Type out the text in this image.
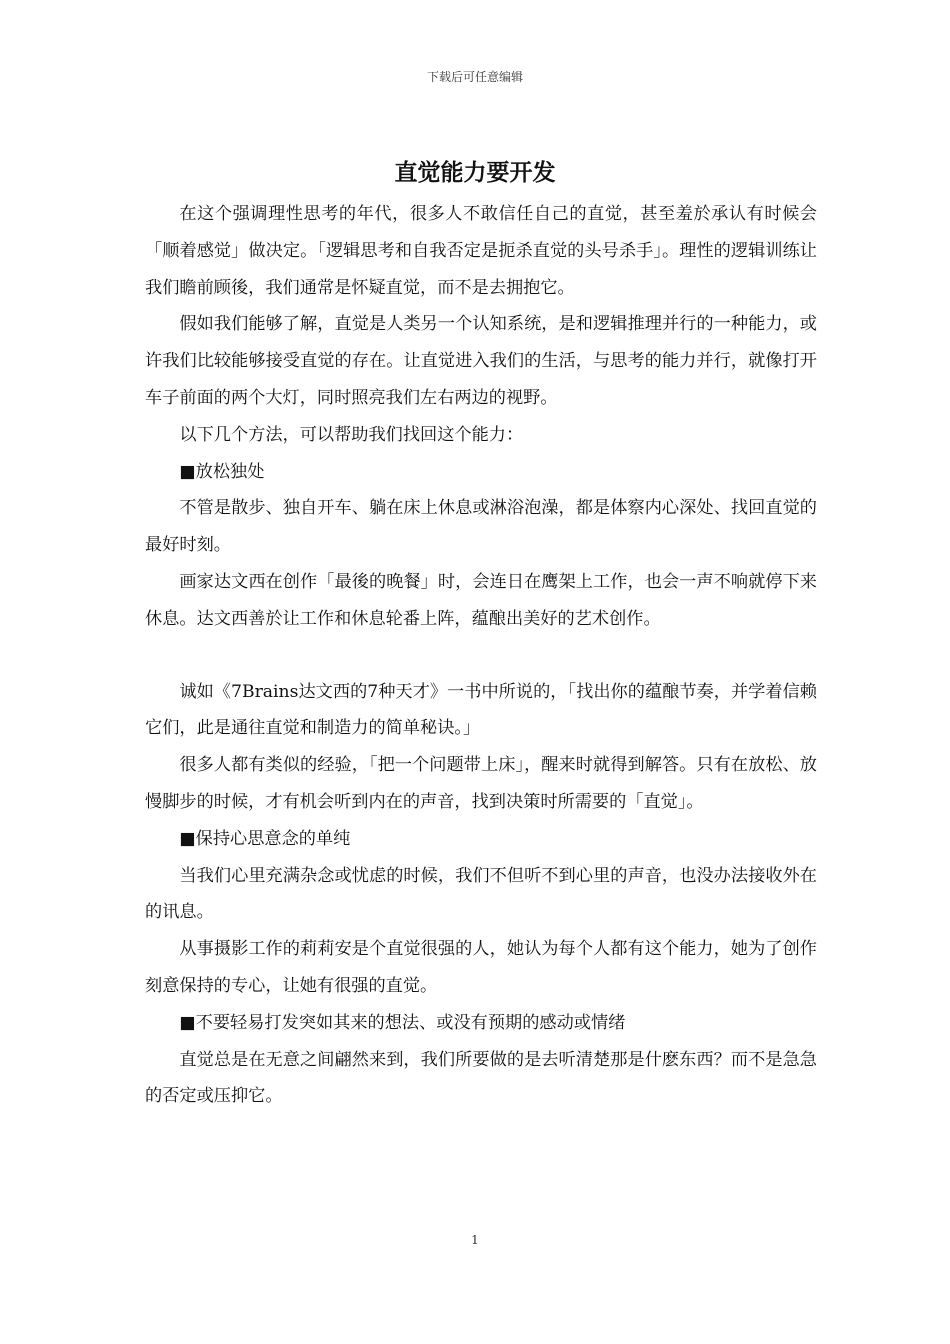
下载后可任意编辑
直觉能力要开发

在这个强调理性思考的年代，很多人不敢信任自己的直觉，甚至羞於承认有时候会「顺着感觉」做决定。「逻辑思考和自我否定是扼杀直觉的头号杀手」。理性的逻辑训练让我们瞻前顾後，我们通常是怀疑直觉，而不是去拥抱它。

假如我们能够了解，直觉是人类另一个认知系统，是和逻辑推理并行的一种能力，或许我们比较能够接受直觉的存在。让直觉进入我们的生活，与思考的能力并行，就像打开车子前面的两个大灯，同时照亮我们左右两边的视野。

以下几个方法，可以帮助我们找回这个能力：

■放松独处

不管是散步、独自开车、躺在床上休息或淋浴泡澡，都是体察内心深处、找回直觉的最好时刻。

画家达文西在创作「最後的晚餐」时，会连日在鹰架上工作，也会一声不响就停下来休息。达文西善於让工作和休息轮番上阵，蕴酿出美好的艺术创作。

诚如《7Brains达文西的7种天才》一书中所说的，「找出你的蕴酿节奏，并学着信赖它们，此是通往直觉和制造力的简单秘诀。」

很多人都有类似的经验，「把一个问题带上床」，醒来时就得到解答。只有在放松、放慢脚步的时候，才有机会听到内在的声音，找到决策时所需要的「直觉」。

■保持心思意念的单纯

当我们心里充满杂念或忧虑的时候，我们不但听不到心里的声音，也没办法接收外在的讯息。

从事摄影工作的莉莉安是个直觉很强的人，她认为每个人都有这个能力，她为了创作刻意保持的专心，让她有很强的直觉。

■不要轻易打发突如其来的想法、或没有预期的感动或情绪

直觉总是在无意之间翩然来到，我们所要做的是去听清楚那是什麽东西？而不是急急的否定或压抑它。

1
